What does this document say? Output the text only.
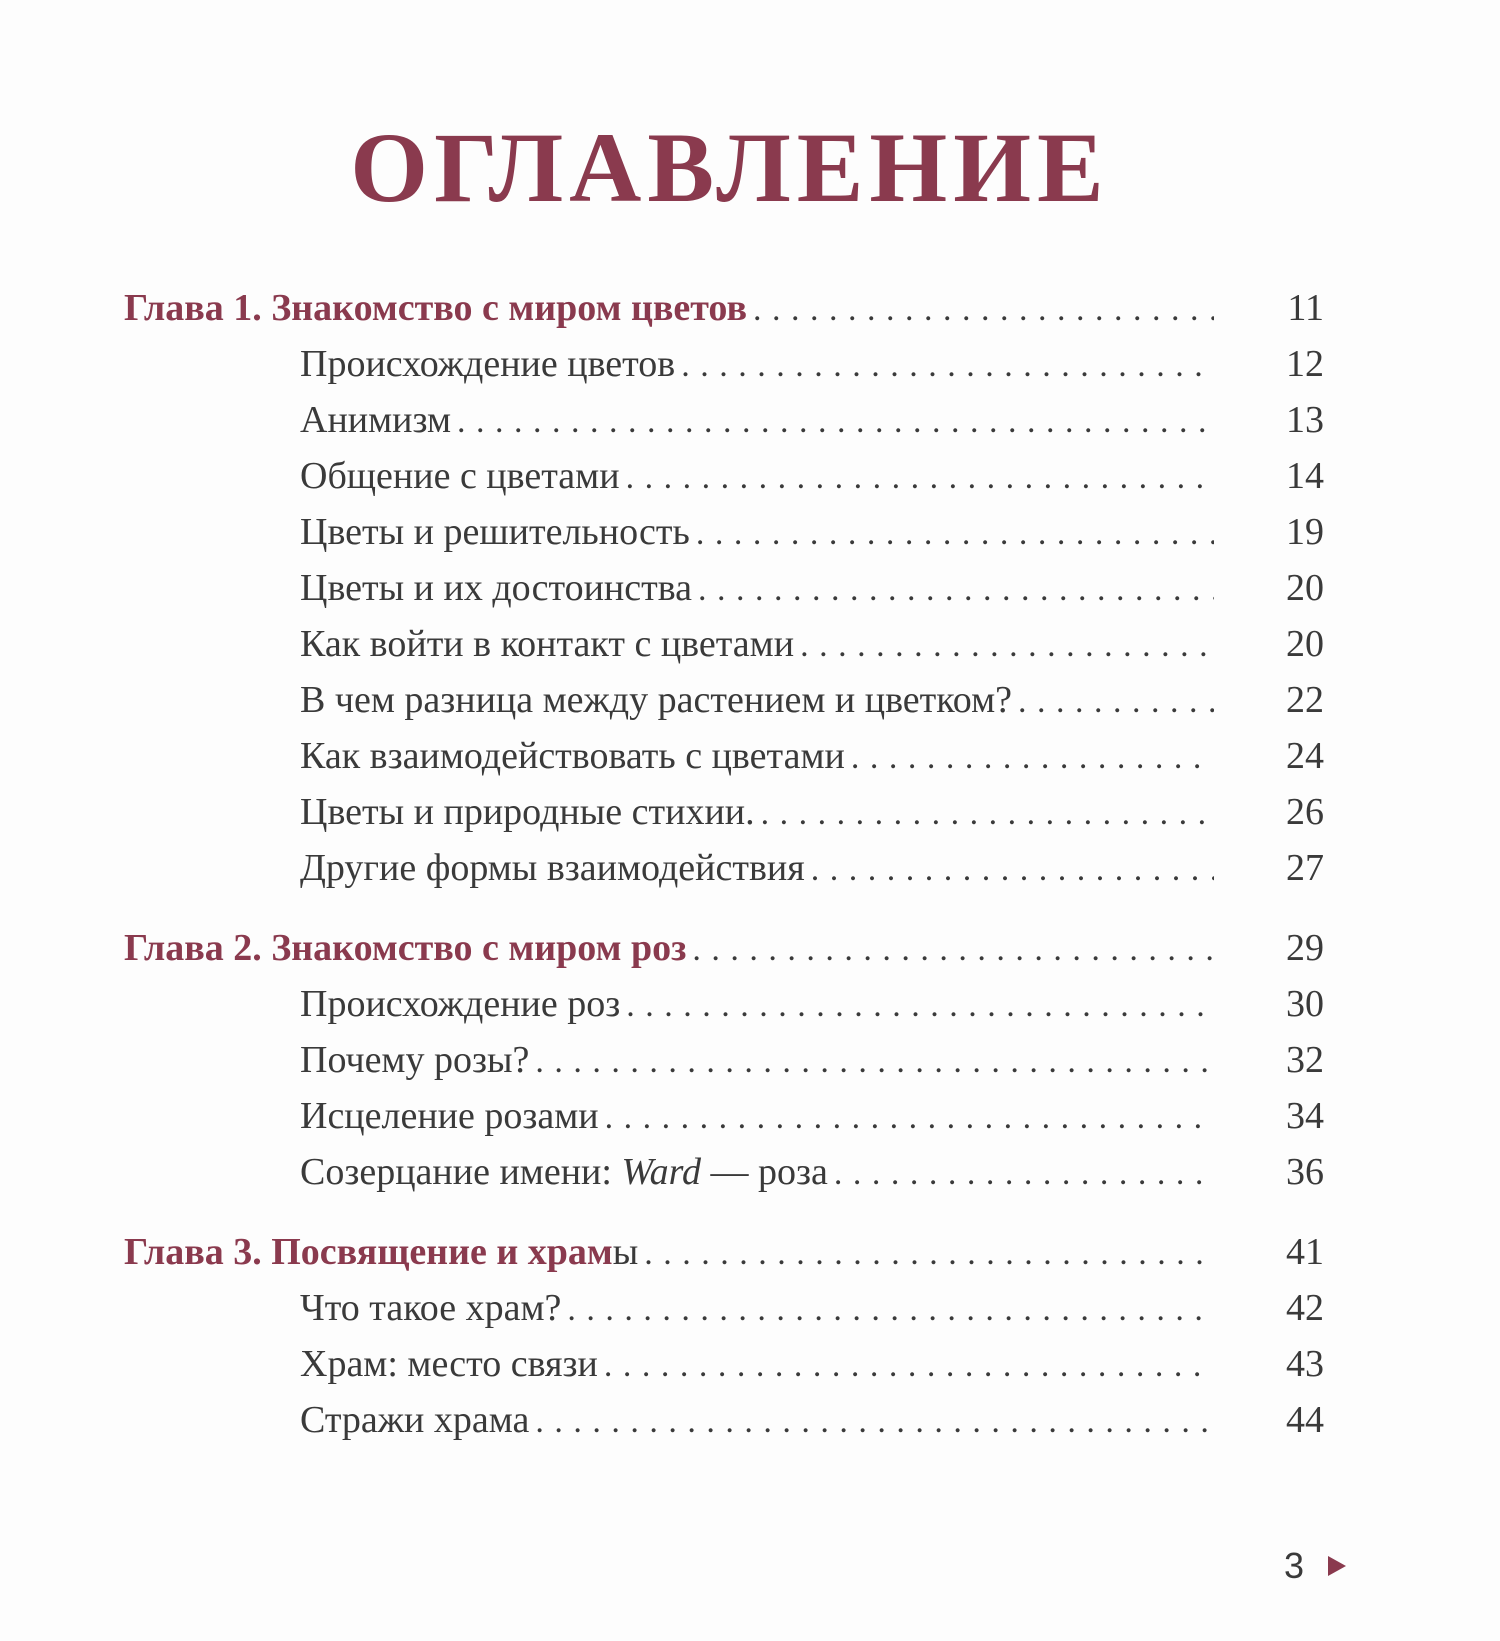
ОГЛАВЛЕНИЕ
Глава 1. Знакомство с миром цветов . . .	11
Происхождение цветов . . .	12
Анимизм . . .	13
Общение с цветами . . .	14
Цветы и решительность . . .	19
Цветы и их достоинства . . .	20
Как войти в контакт с цветами . . .	20
В чем разница между растением и цветком? . . .	22
Как взаимодействовать с цветами . . .	24
Цветы и природные стихии. . . .	26
Другие формы взаимодействия . . .	27
Глава 2. Знакомство с миром роз . . .	29
Происхождение роз . . .	30
Почему розы? . . .	32
Исцеление розами . . .	34
Созерцание имени: Ward — роза . . .	36
Глава 3. Посвящение и храмы . . .	41
Что такое храм? . . .	42
Храм: место связи . . .	43
Стражи храма . . .	44
3
